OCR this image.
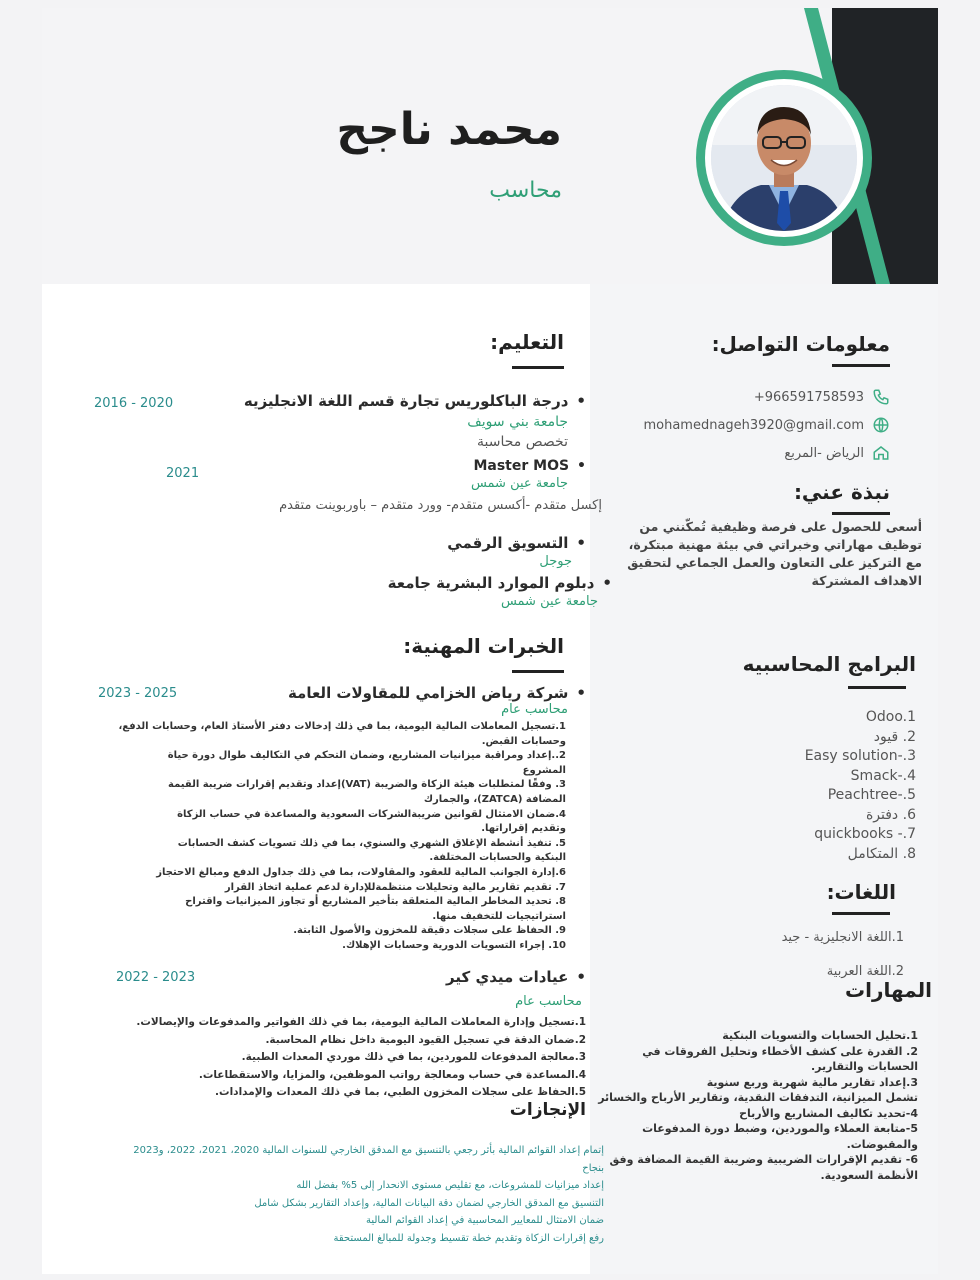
محمد ناجح
محاسب
معلومات التواصل:
+966591758593
mohamednageh3920@gmail.com
الرياض -المربع
نبذة عني:
أسعى للحصول على فرصة وظيفية تُمكّنني من
توظيف مهاراتي وخبراتي في بيئة مهنية مبتكرة،
مع التركيز على التعاون والعمل الجماعي لتحقيق
الاهداف المشتركة
البرامج المحاسبيه
Odoo.1
2. قيود
Easy solution-.3
Smack-.4
Peachtree-.5
6. دفترة
quickbooks -.7
8. المتكامل
اللغات:
1.اللغة الانجليزية - جيد
2.اللغة العربية
المهارات
1.تحليل الحسابات والتسويات البنكية
2. القدرة على كشف الأخطاء وتحليل الفروقات في
الحسابات والتقارير.
3.إعداد تقارير مالية شهرية وربع سنوية
تشمل الميزانية، التدفقات النقدية، وتقارير الأرباح والخسائر
4-تحديد تكاليف المشاريع والأرباح
5-متابعة العملاء والموردين، وضبط دورة المدفوعات
والمقبوضات.
6- تقديم الإقرارات الضريبية وضريبة القيمة المضافة وفق
الأنظمة السعودية.
التعليم:
• درجة الباكلوريس تجارة قسم اللغة الانجليزيه
2016 - 2020
جامعة بني سويف
تخصص محاسبة
• Master MOS
2021
جامعة عين شمس
إكسل متقدم -أكسس متقدم- وورد متقدم – باوربوينت متقدم
• التسويق الرقمي
جوجل
• دبلوم الموارد البشرية جامعة
جامعة عين شمس
الخبرات المهنية:
• شركة رياض الخزامي للمقاولات العامة
2023 - 2025
محاسب عام
1.تسجيل المعاملات المالية اليومية، بما في ذلك إدخالات دفتر الأستاذ العام، وحسابات الدفع،
وحسابات القبض.
2..إعداد ومراقبة ميزانيات المشاريع، وضمان التحكم في التكاليف طوال دورة حياة
المشروع
3. وفقًا لمتطلبات هيئة الزكاة والضريبة (VAT)إعداد وتقديم إقرارات ضريبة القيمة
المضافة (ZATCA)، والجمارك
4.ضمان الامتثال لقوانين ضريبةالشركات السعودية والمساعدة في حساب الزكاة
وتقديم إقراراتها.
5. تنفيذ أنشطة الإغلاق الشهري والسنوي، بما في ذلك تسويات كشف الحسابات
البنكية والحسابات المختلفة.
6.إدارة الجوانب المالية للعقود والمقاولات، بما في ذلك جداول الدفع ومبالغ الاحتجاز
7. تقديم تقارير مالية وتحليلات منتظمةللإدارة لدعم عملية اتخاذ القرار
8. تحديد المخاطر المالية المتعلقة بتأخير المشاريع أو تجاوز الميزانيات واقتراح
استراتيجيات للتخفيف منها.
9. الحفاظ على سجلات دقيقة للمخزون والأصول الثابتة.
10. إجراء التسويات الدورية وحسابات الإهلاك.
• عيادات ميدي كير
2022 - 2023
محاسب عام
1.تسجيل وإدارة المعاملات المالية اليومية، بما في ذلك الفواتير والمدفوعات والإيصالات.
2.ضمان الدقة في تسجيل القيود اليومية داخل نظام المحاسبة.
3.معالجة المدفوعات للموردين، بما في ذلك موردي المعدات الطبية.
4.المساعدة في حساب ومعالجة رواتب الموظفين، والمزايا، والاستقطاعات.
5.الحفاظ على سجلات المخزون الطبي، بما في ذلك المعدات والإمدادات.
الإنجازات
إتمام إعداد القوائم المالية بأثر رجعي بالتنسيق مع المدقق الخارجي للسنوات المالية 2020، 2021، 2022، و2023
بنجاح
إعداد ميزانيات للمشروعات، مع تقليص مستوى الانحدار إلى 5% بفضل الله
التنسيق مع المدقق الخارجي لضمان دقة البيانات المالية، وإعداد التقارير بشكل شامل
ضمان الامتثال للمعايير المحاسبية في إعداد القوائم المالية
رفع إقرارات الزكاة وتقديم خطة تقسيط وجدولة للمبالغ المستحقة
